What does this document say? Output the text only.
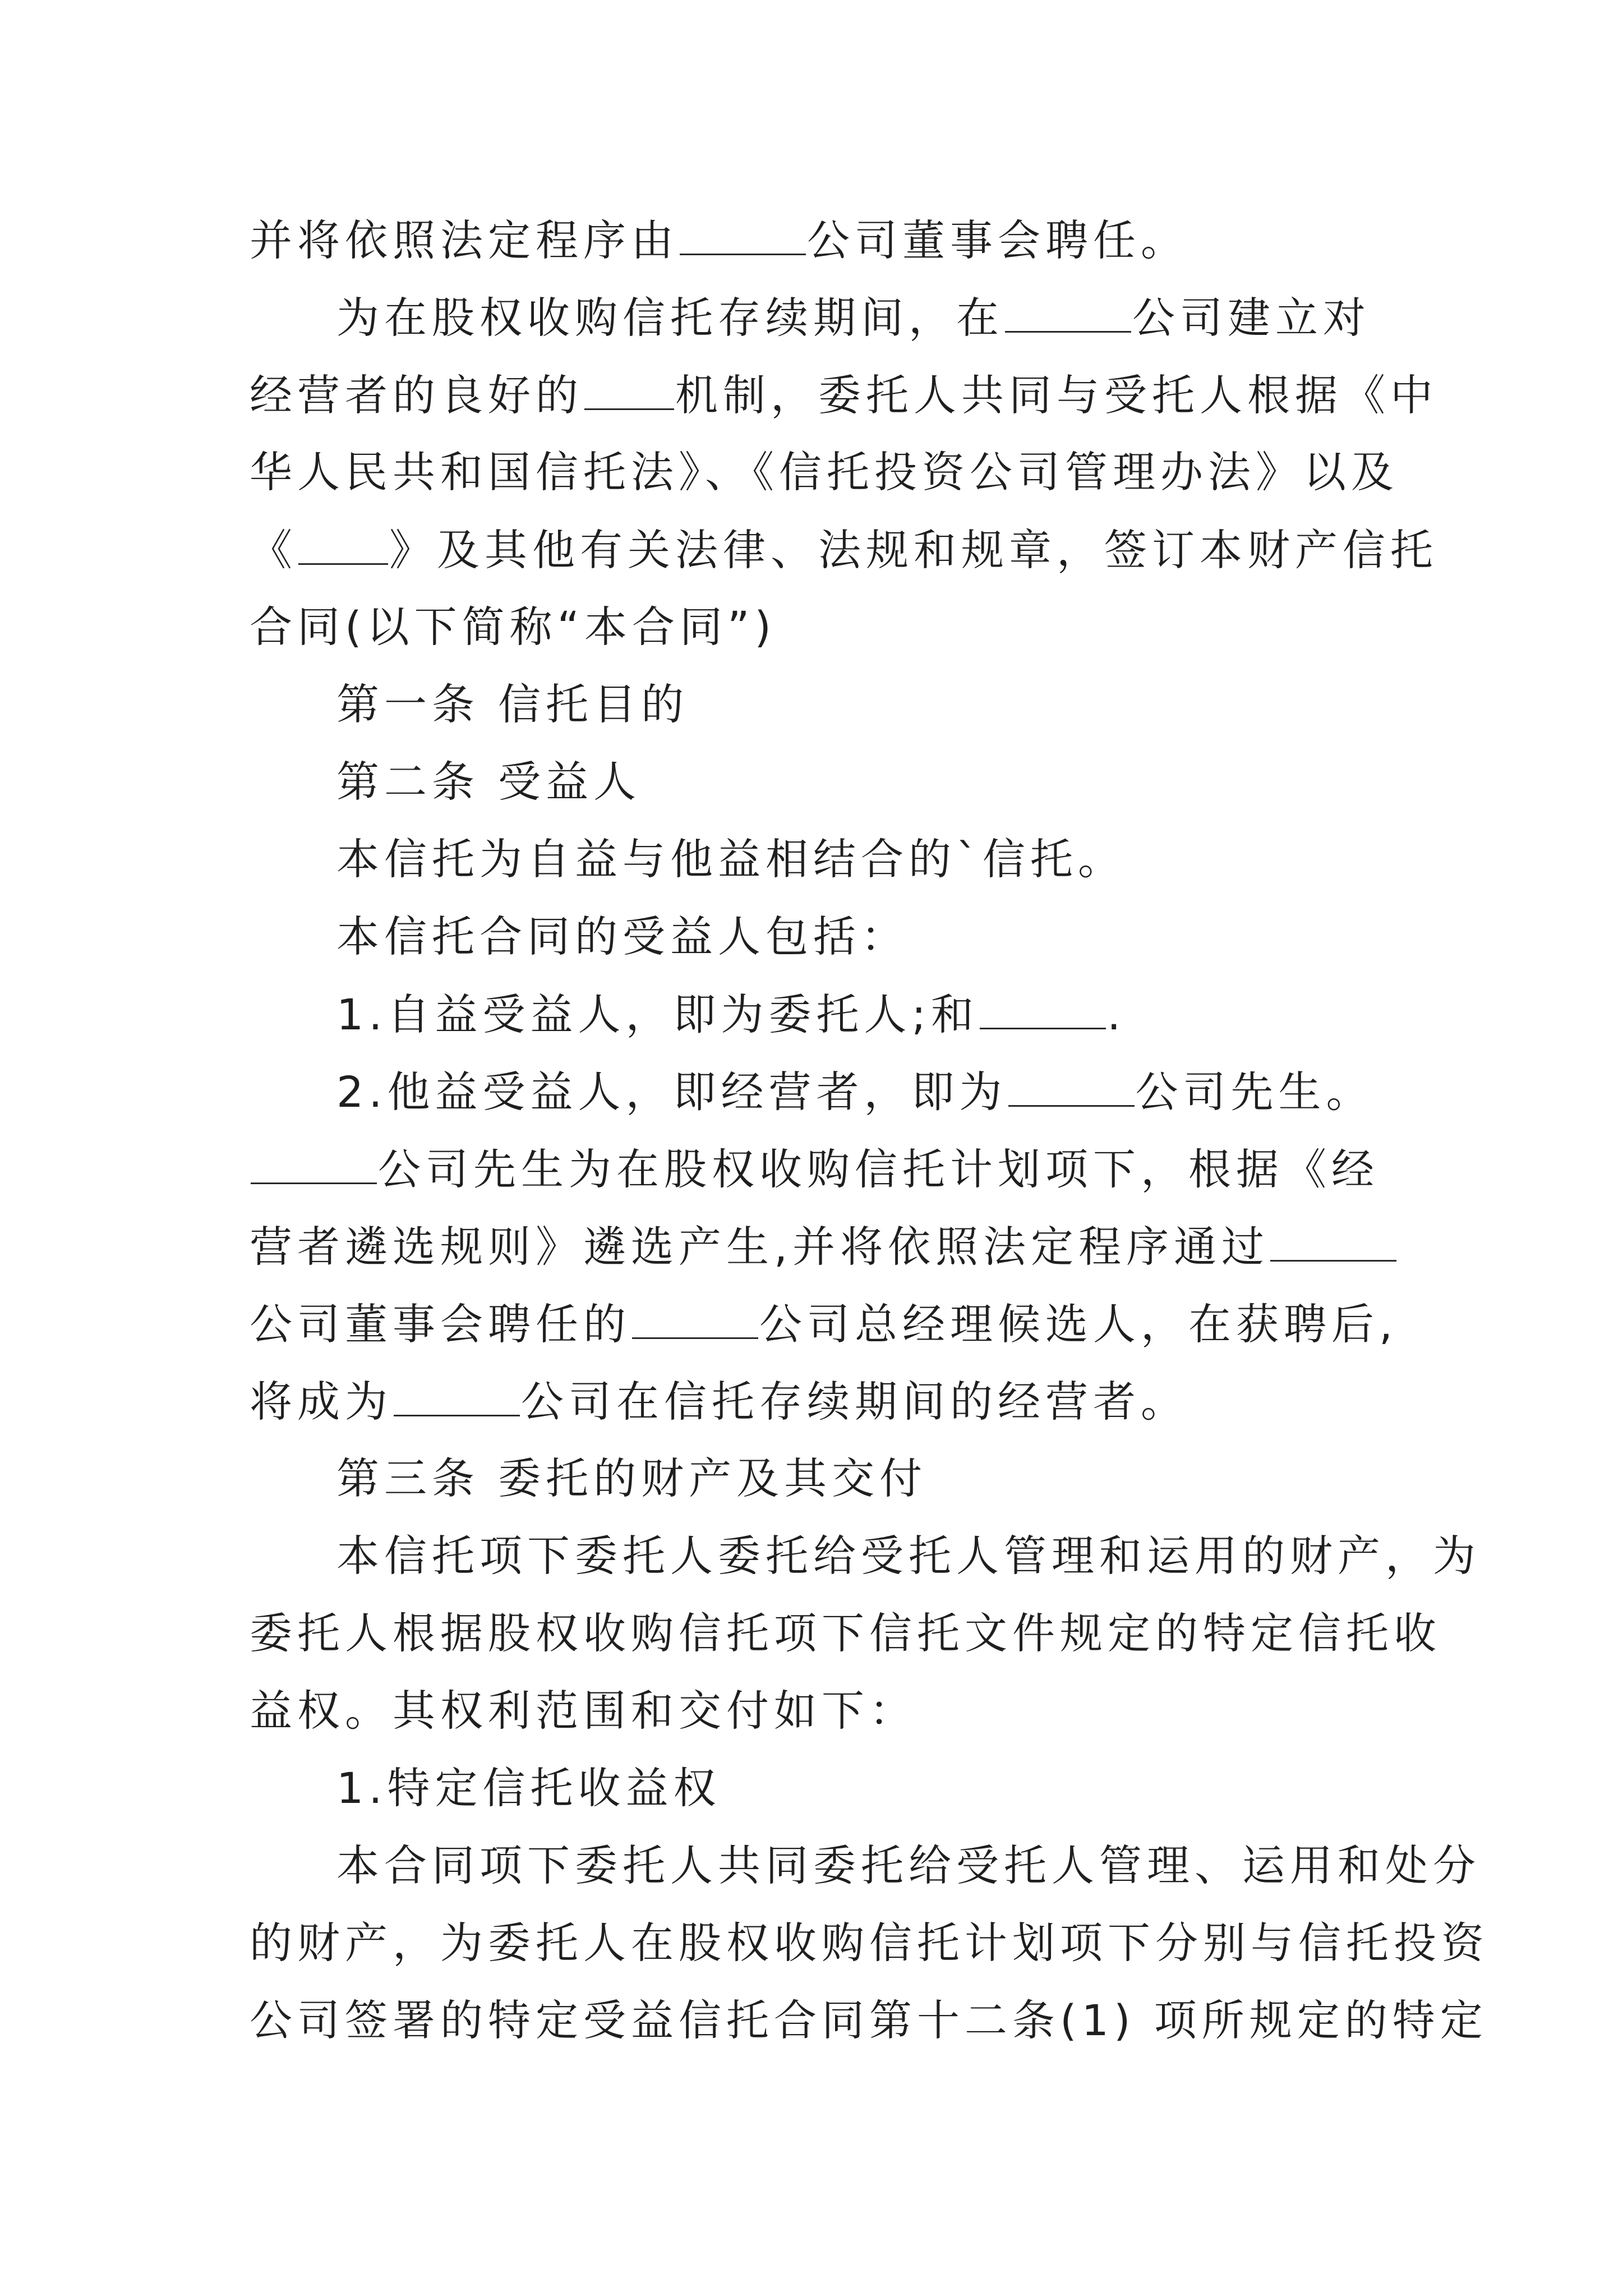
并将依照法定程序由	公司董事会聘任。
为在股权收购信托存续期间，在	公司建立对
经营者的良好的 机制，委托人共同与受托人根据《中
华人民共和国信托法》、《信托投资公司管理办法》以及
《 》及其他有关法律、法规和规章，签订本财产信托
合同(以下简称“本合同”)
第一条 信托目的
第二条 受益人
本信托为自益与他益相结合的`信托。
本信托合同的受益人包括：
1.自益受益人，即为委托人;和	.
2.他益受益人，即经营者，即为	公司先生。
公司先生为在股权收购信托计划项下，根据《经
营者遴选规则》遴选产生,并将依照法定程序通过
公司董事会聘任的	公司总经理候选人，在获聘后,
将成为	公司在信托存续期间的经营者。
第三条 委托的财产及其交付
本信托项下委托人委托给受托人管理和运用的财产，为
委托人根据股权收购信托项下信托文件规定的特定信托收
益权。其权利范围和交付如下：
1.特定信托收益权
本合同项下委托人共同委托给受托人管理、运用和处分
的财产，为委托人在股权收购信托计划项下分别与信托投资
公司签署的特定受益信托合同第十二条(1) 项所规定的特定
